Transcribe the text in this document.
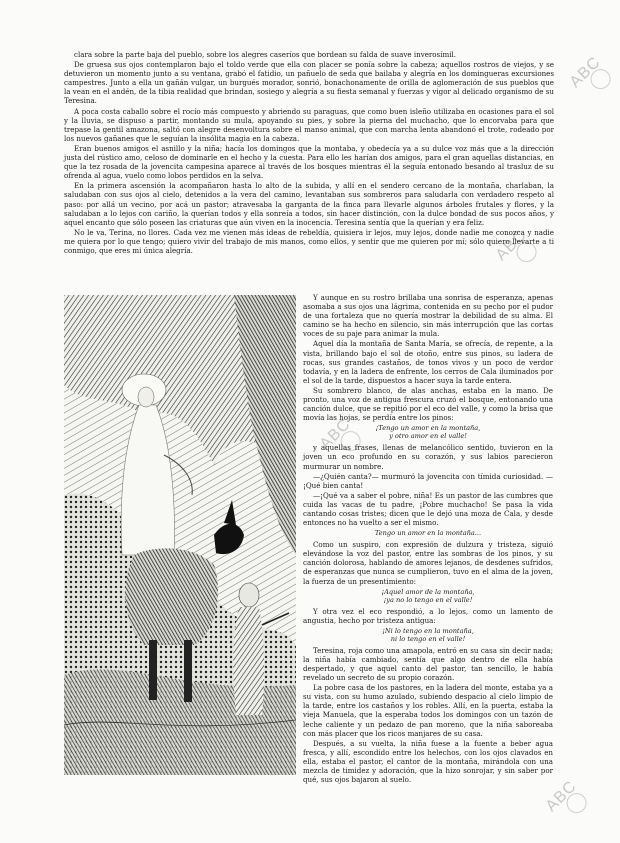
ABC
ABC
ABC
ABC

clara sobre la parte baja del pueblo, sobre los alegres caseríos que bordean su falda de suave inverosímil.

De gruesa sus ojos contemplaron bajo el toldo verde que ella con placer se ponía sobre la cabeza; aquellos rostros de viejos, y se detuvieron un momento junto a su ventana, grabó el fatidio, un pañuelo de seda que bailaba y alegría en los domingueras excursiones campestres. Junto a ella un gañán vulgar, un burgués morador, sonrió, bonachonamente de orilla de aglomeración de sus pueblos que la vean en el andén, de la tibia realidad que brindan, sosiego y alegría a su fiesta semanal y fuerzas y vigor al delicado organismo de su Teresina.

A poca costa caballo sobre el rocío más compuesto y abriendo su paraguas, que como buen isleño utilizaba en ocasiones para el sol y la lluvia, se dispuso a partir, montando su mula, apoyando su pies, y sobre la pierna del muchacho, que lo encorvaba para que trepase la gentil amazona, saltó con alegre desenvoltura sobre el manso animal, que con marcha lenta abandonó el trote, rodeado por los nuevos gañanes que le seguían la insólita magia en la cabeza.

Eran buenos amigos el asnillo y la niña; hacía los domingos que la montaba, y obedecía ya a su dulce voz más que a la dirección justa del rústico amo, celoso de dominarle en el hecho y la cuesta. Para ello les harían dos amigos, para el gran aquellas distancias, en que la tez rosada de la jovencita campesina aparece al través de los bosques mientras él la seguía entonado besando al trasluz de su ofrenda al agua, vuelo como lobos perdidos en la selva.

En la primera ascensión la acompañaron hasta lo alto de la subida, y allí en el sendero cercano de la montaña, charlaban, la saludaban con sus ojos al cielo, detenidos a la vera del camino, levantaban sus sombreros para saludarla con verdadero respeto al paso: por allá un vecino, por acá un pastor; atravesaba la garganta de la finca para llevarle algunos árboles frutales y flores, y la saludaban a lo lejos con cariño, la querían todos y ella sonreía a todos, sin hacer distinción, con la dulce bondad de sus pocos años, y aquel encanto que sólo poseen las criaturas que aún viven en la inocencia. Teresina sentía que la querían y era feliz.

No le va, Terina, no llores. Cada vez me vienen más ideas de rebeldía, quisiera ir lejos, muy lejos, donde nadie me conozca y nadie me quiera por lo que tengo; quiero vivir del trabajo de mis manos, como ellos, y sentir que me quieren por mí; sólo quiero llevarte a ti conmigo, que eres mi única alegría.

Y aunque en su rostro brillaba una sonrisa de esperanza, apenas asomaba a sus ojos una lágrima, contenida en su pecho por el pudor de una fortaleza que no quería mostrar la debilidad de su alma. El camino se ha hecho en silencio, sin más interrupción que las cortas voces de su paje para animar la mula.

Aquel día la montaña de Santa María, se ofrecía, de repente, a la vista, brillando bajo el sol de otoño, entre sus pinos, su ladera de rocas, sus grandes castaños, de tonos vivos y un poco de verdor todavía, y en la ladera de enfrente, los cerros de Cala iluminados por el sol de la tarde, dispuestos a hacer suya la tarde entera.

Su sombrero blanco, de alas anchas, estaba en la mano. De pronto, una voz de antigua frescura cruzó el bosque, entonando una canción dulce, que se repitió por el eco del valle, y como la brisa que movía las hojas, se perdía entre los pinos:

¡Tengo un amor en la montaña,
y otro amor en el valle!

y aquellas frases, llenas de melancólico sentido, tuvieron en la joven un eco profundo en su corazón, y sus labios parecieron murmurar un nombre.

—¿Quién canta?— murmuró la jovencita con tímida curiosidad. —¡Qué bien canta!

—¡Qué va a saber el pobre, niña! Es un pastor de las cumbres que cuida las vacas de tu padre, ¡Pobre muchacho! Se pasa la vida cantando cosas tristes; dicen que le dejó una moza de Cala, y desde entonces no ha vuelto a ser el mismo.

Tengo un amor en la montaña...

Como un suspiro, con expresión de dulzura y tristeza, siguió elevándose la voz del pastor, entre las sombras de los pinos, y su canción dolorosa, hablando de amores lejanos, de desdenes sufridos, de esperanzas que nunca se cumplieron, tuvo en el alma de la joven, la fuerza de un presentimiento:

¡Aquel amor de la montaña,
¡ya no lo tengo en el valle!

Y otra vez el eco respondió, a lo lejos, como un lamento de angustia, hecho por tristeza antigua:

¡Ni lo tengo en la montaña,
ni lo tengo en el valle!

Teresina, roja como una amapola, entró en su casa sin decir nada; la niña había cambiado, sentía que algo dentro de ella había despertado, y que aquel canto del pastor, tan sencillo, le había revelado un secreto de su propio corazón.

La pobre casa de los pastores, en la ladera del monte, estaba ya a su vista, con su humo azulado, subiendo despacio al cielo limpio de la tarde, entre los castaños y los robles. Allí, en la puerta, estaba la vieja Manuela, que la esperaba todos los domingos con un tazón de leche caliente y un pedazo de pan moreno, que la niña saboreaba con más placer que los ricos manjares de su casa.

Después, a su vuelta, la niña fuese a la fuente a beber agua fresca, y allí, escondido entre los helechos, con los ojos clavados en ella, estaba el pastor, el cantor de la montaña, mirándola con una mezcla de timidez y adoración, que la hizo sonrojar, y sin saber por qué, sus ojos bajaron al suelo.
